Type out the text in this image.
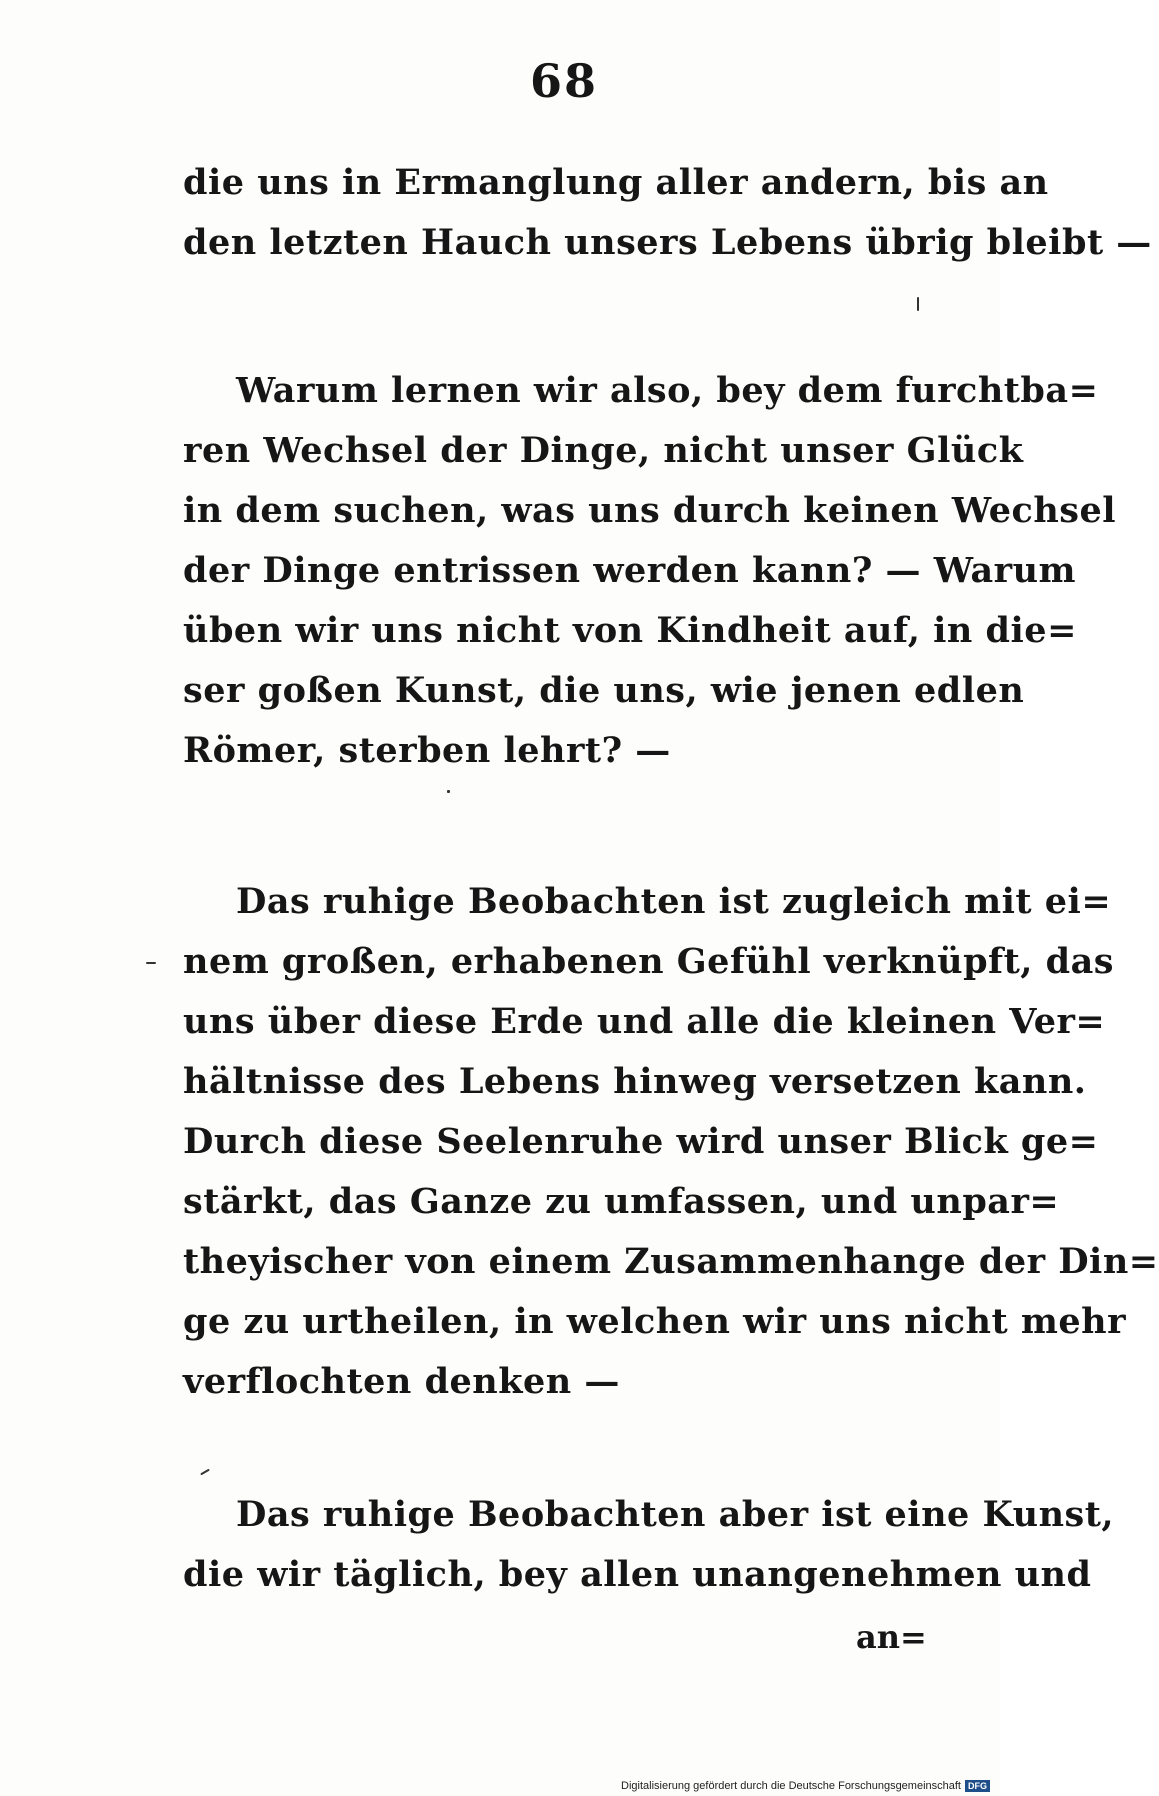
68
die uns in Ermanglung aller andern, bis an
den letzten Hauch unsers Lebens übrig bleibt —
Warum lernen wir also, bey dem furchtba=
ren Wechsel der Dinge, nicht unser Glück
in dem suchen, was uns durch keinen Wechsel
der Dinge entrissen werden kann? — Warum
üben wir uns nicht von Kindheit auf, in die=
ser goßen Kunst, die uns, wie jenen edlen
Römer, sterben lehrt? —
Das ruhige Beobachten ist zugleich mit ei=
nem großen, erhabenen Gefühl verknüpft, das
uns über diese Erde und alle die kleinen Ver=
hältnisse des Lebens hinweg versetzen kann.
Durch diese Seelenruhe wird unser Blick ge=
stärkt, das Ganze zu umfassen, und unpar=
theyischer von einem Zusammenhange der Din=
ge zu urtheilen, in welchen wir uns nicht mehr
verflochten denken —
Das ruhige Beobachten aber ist eine Kunst,
die wir täglich, bey allen unangenehmen und
an=
Digitalisierung gefördert durch die Deutsche Forschungsgemeinschaft DFG
